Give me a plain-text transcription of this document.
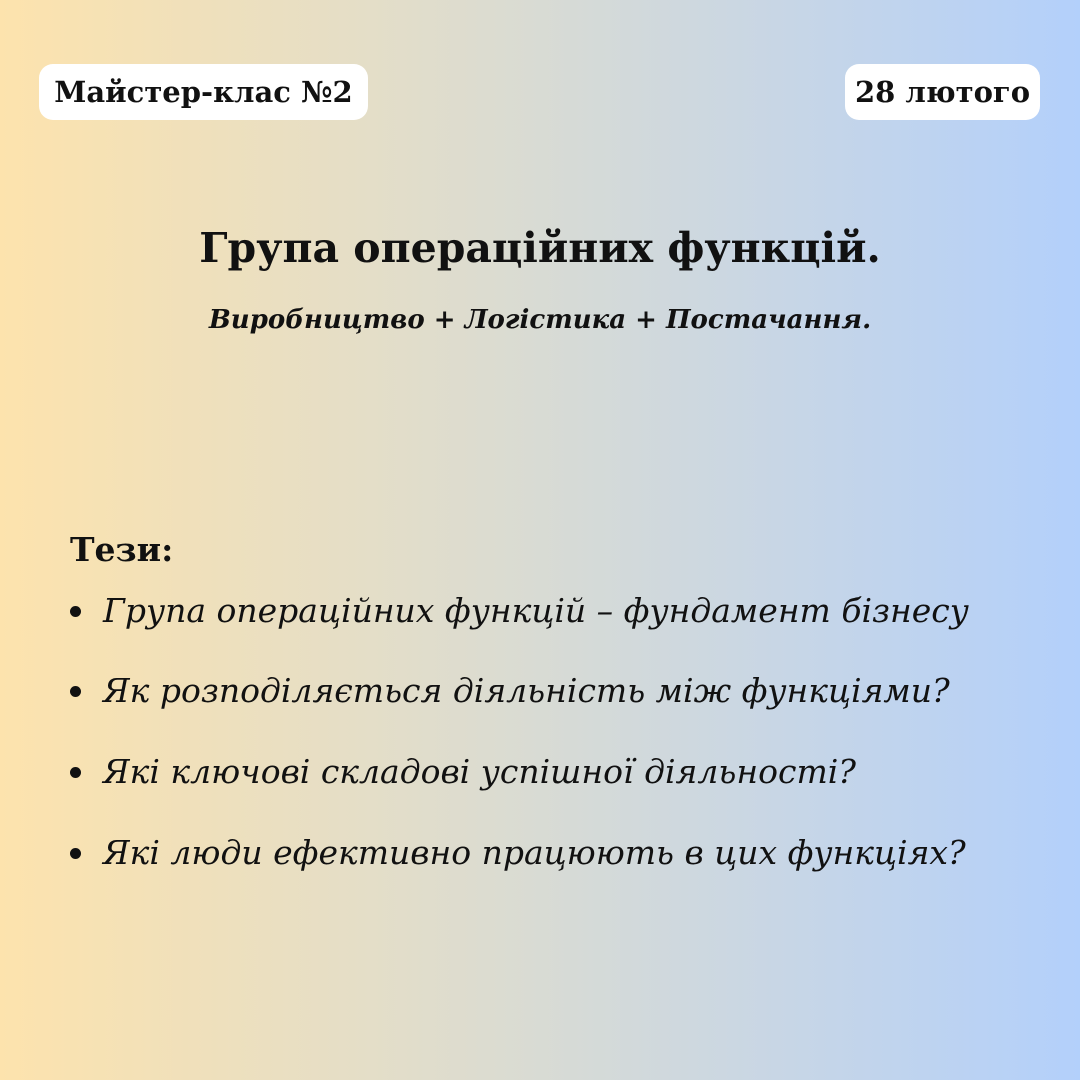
Майстер-клас №2	28 лютого
Група операційних функцій.

Виробництво + Логістика + Постачання.

Тези:
Група операційних функцій – фундамент бізнесу
Як розподіляється діяльність між функціями?
Які ключові складові успішної діяльності?
Які люди ефективно працюють в цих функціях?
